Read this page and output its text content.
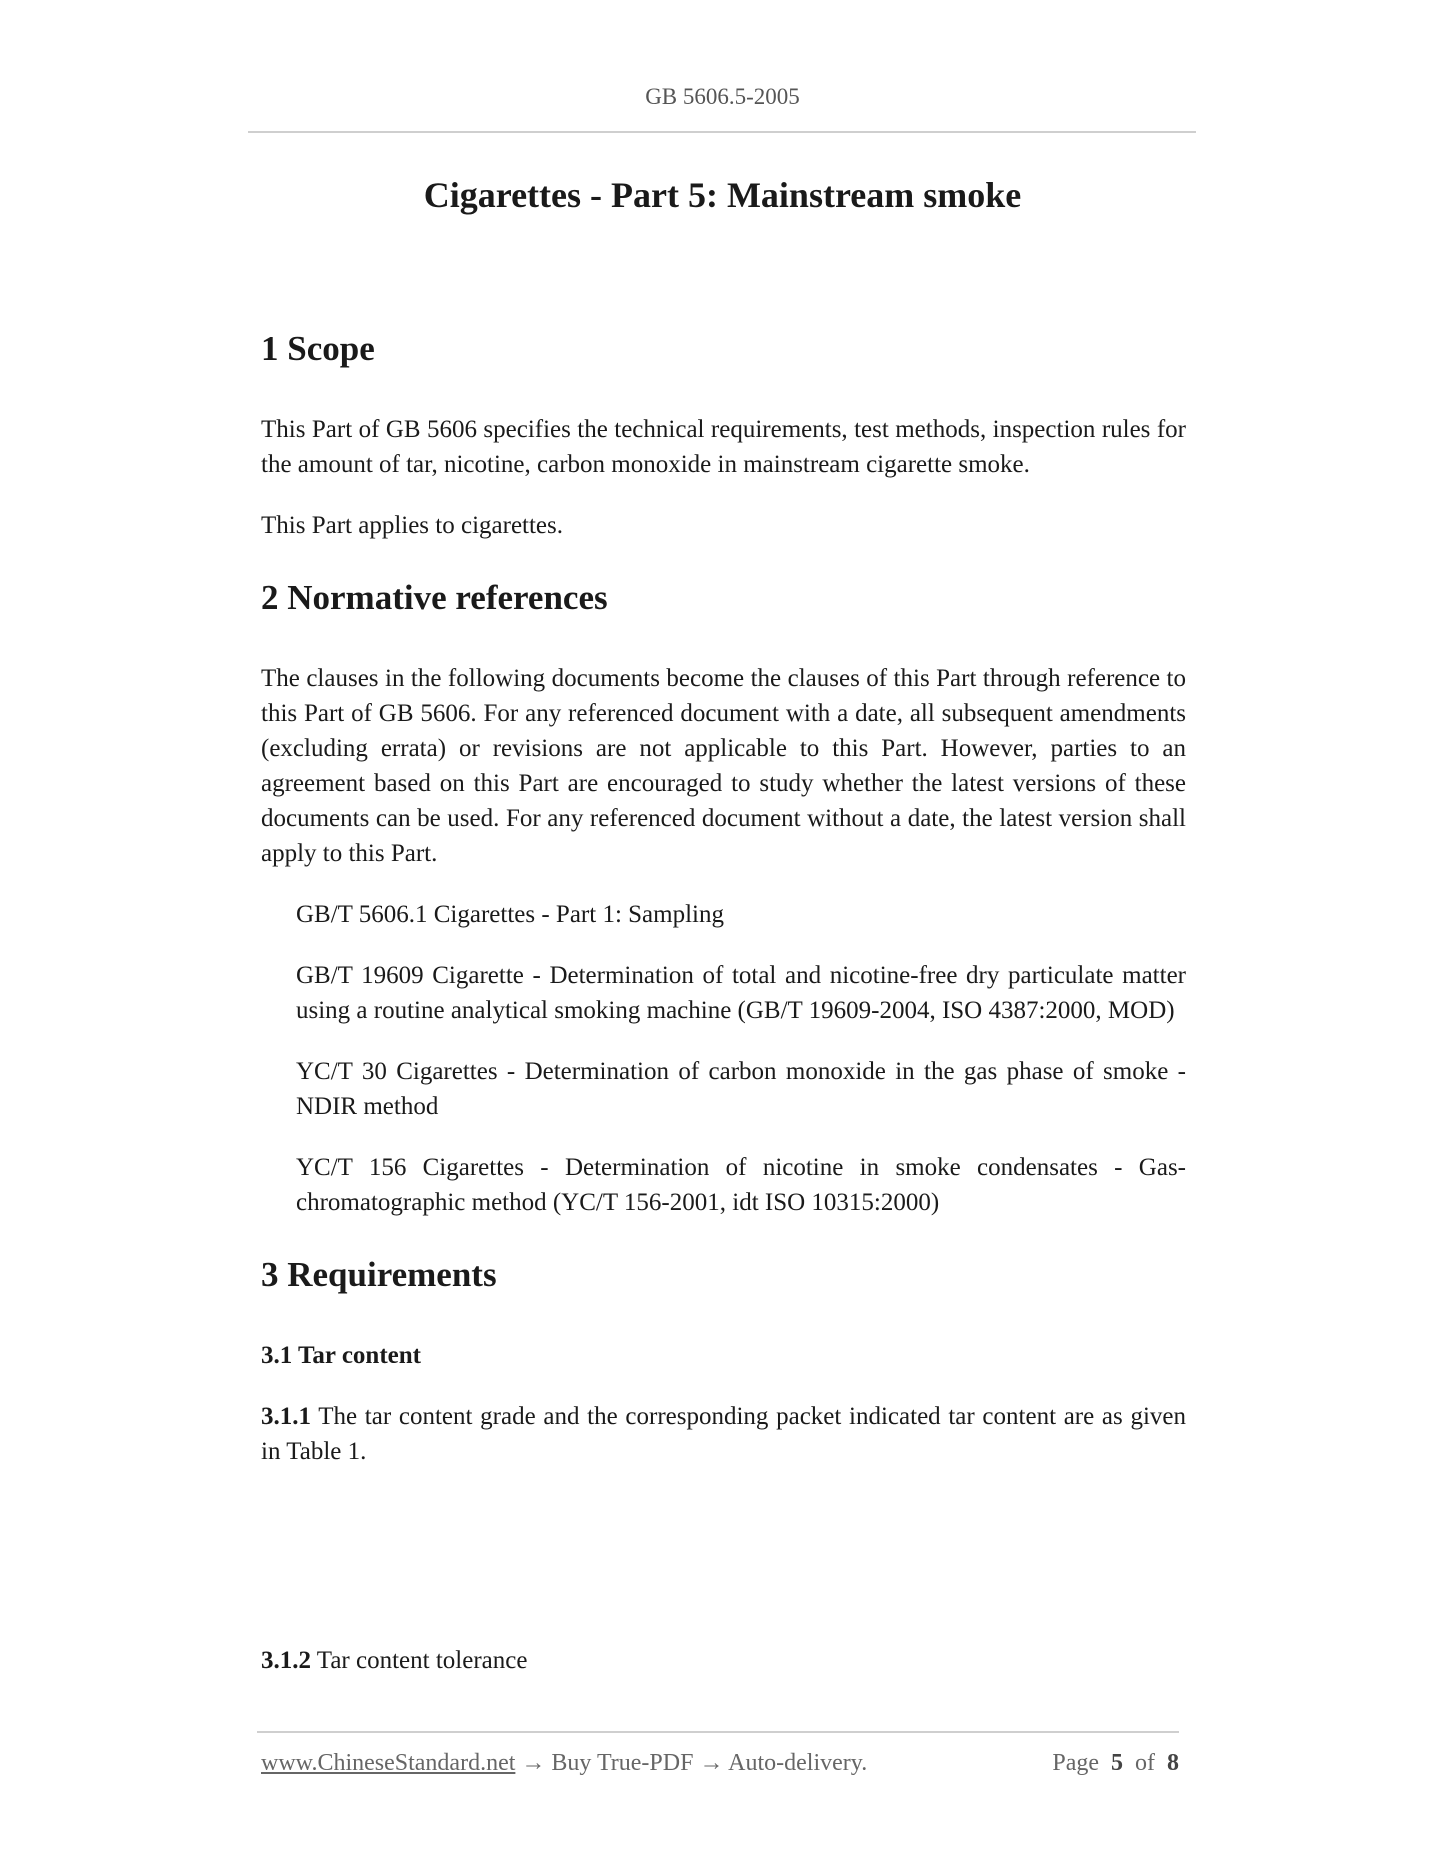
GB 5606.5-2005
Cigarettes - Part 5: Mainstream smoke
1 Scope

This Part of GB 5606 specifies the technical requirements, test methods, inspection rules for the amount of tar, nicotine, carbon monoxide in mainstream cigarette smoke.

This Part applies to cigarettes.

2 Normative references

The clauses in the following documents become the clauses of this Part through reference to this Part of GB 5606. For any referenced document with a date, all subsequent amendments (excluding errata) or revisions are not applicable to this Part. However, parties to an agreement based on this Part are encouraged to study whether the latest versions of these documents can be used. For any referenced document without a date, the latest version shall apply to this Part.

GB/T 5606.1 Cigarettes - Part 1: Sampling

GB/T 19609 Cigarette - Determination of total and nicotine-free dry particulate matter using a routine analytical smoking machine (GB/T 19609-2004, ISO 4387:2000, MOD)

YC/T 30 Cigarettes - Determination of carbon monoxide in the gas phase of smoke - NDIR method

YC/T 156 Cigarettes - Determination of nicotine in smoke condensates - Gas-chromatographic method (YC/T 156-2001, idt ISO 10315:2000)

3 Requirements
3.1 Tar content

3.1.1 The tar content grade and the corresponding packet indicated tar content are as given in Table 1.

3.1.2 Tar content tolerance

www.ChineseStandard.net → Buy True-PDF → Auto-delivery.	Page 5 of 8
